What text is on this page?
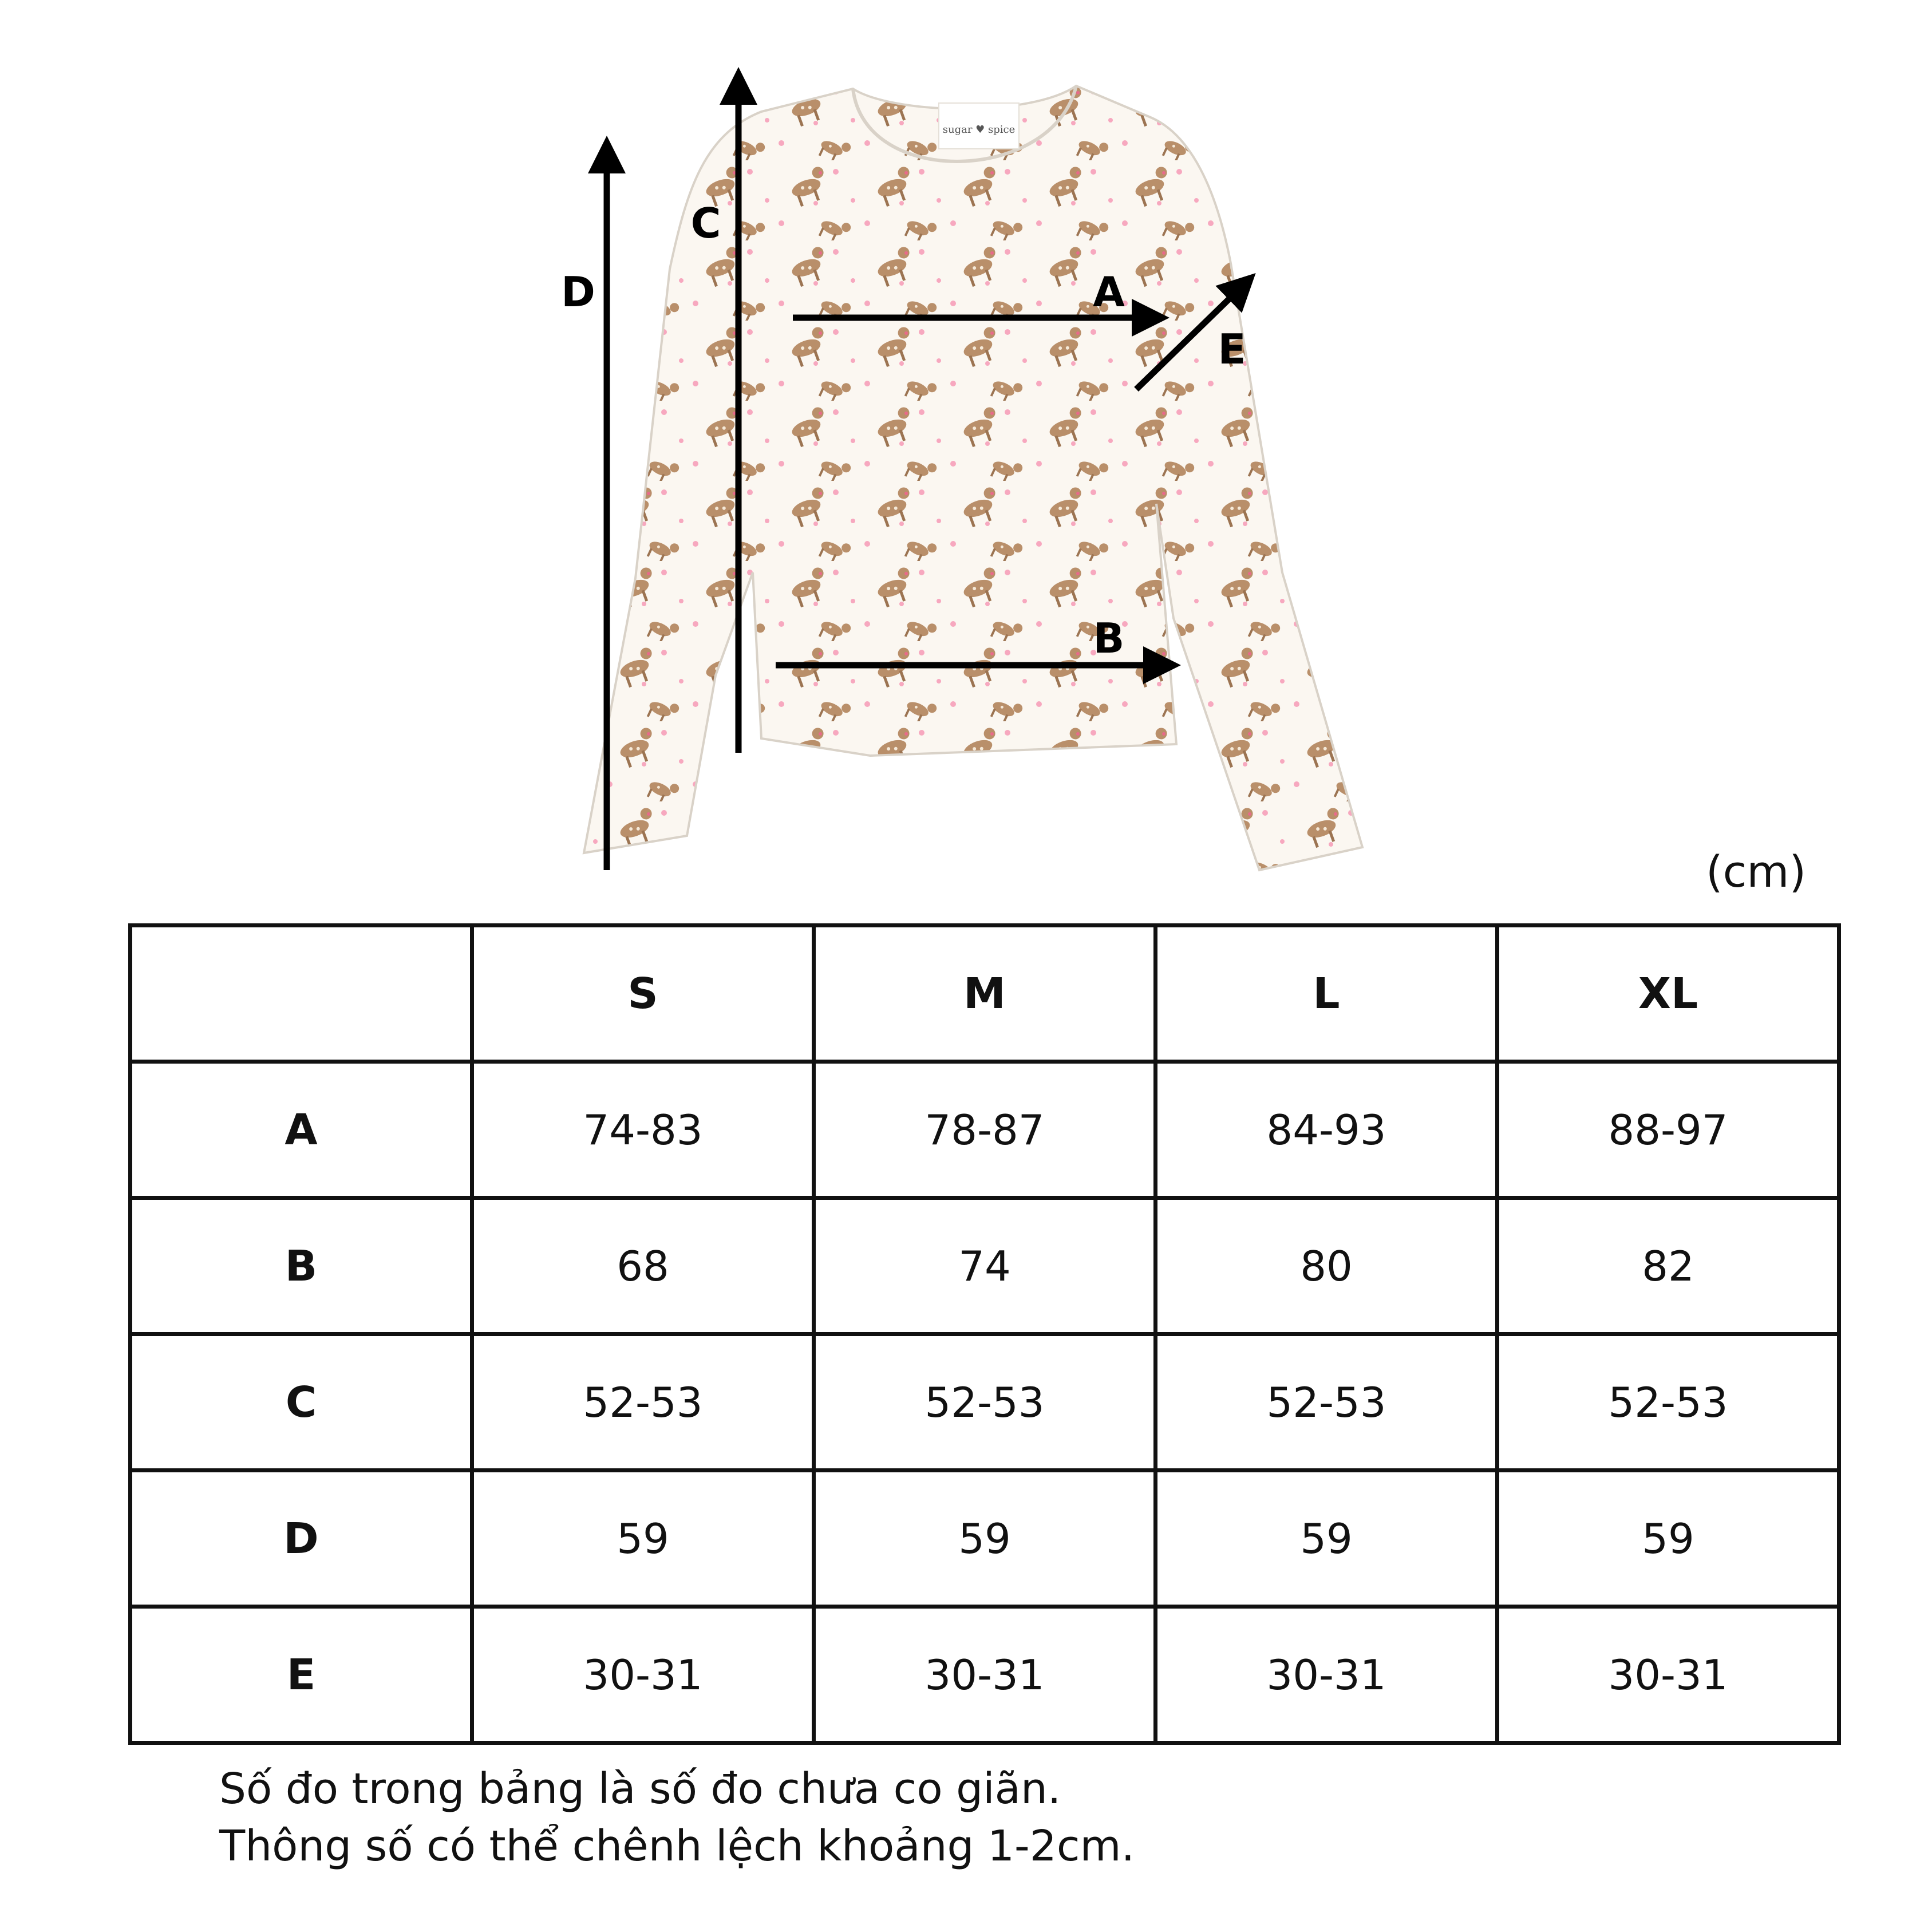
sugar ♥ spice
D
C
A
E
B
(cm)
	S	M	L	XL
A	74-83	78-87	84-93	88-97
B	68	74	80	82
C	52-53	52-53	52-53	52-53
D	59	59	59	59
E	30-31	30-31	30-31	30-31
Số đo trong bảng là số đo chưa co giãn.
Thông số có thể chênh lệch khoảng 1-2cm.
